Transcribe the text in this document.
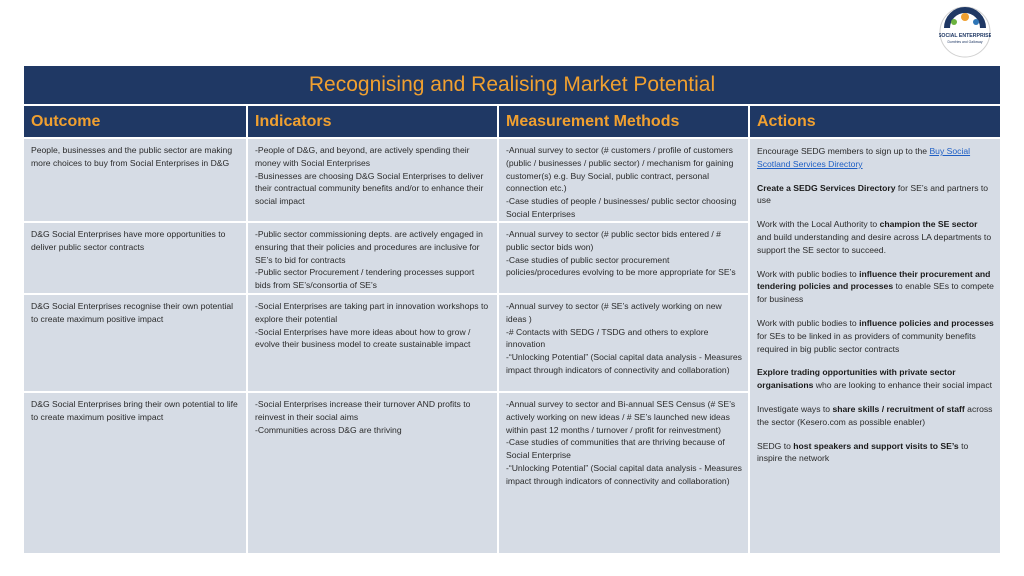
SOCIAL ENTERPRISE
Dumfries and Galloway
Recognising and Realising Market Potential
Outcome
People, businesses and the public sector are making more choices to buy from Social Enterprises in D&G
D&G Social Enterprises have more opportunities to deliver public sector contracts
D&G Social Enterprises recognise their own potential to create maximum positive impact
D&G Social Enterprises bring their own potential to life to create maximum positive impact
Indicators
-People of D&G, and beyond, are actively spending their money with Social Enterprises
-Businesses are choosing D&G Social Enterprises to deliver their contractual community benefits and/or to enhance their social impact
-Public sector commissioning depts. are actively engaged in ensuring that their policies and procedures are inclusive for SE’s to bid for contracts
-Public sector Procurement / tendering processes support bids from SE’s/consortia of SE’s
-Social Enterprises are taking part in innovation workshops to explore their potential
-Social Enterprises have more ideas about how to grow / evolve their business model to create sustainable impact
-Social Enterprises increase their turnover AND profits to reinvest in their social aims
-Communities across D&G are thriving
Measurement Methods
-Annual survey to sector (# customers / profile of customers (public / businesses / public sector) / mechanism for gaining customer(s) e.g. Buy Social, public contract, personal connection etc.)
-Case studies of people / businesses/ public sector choosing Social Enterprises
-Annual survey to sector (# public sector bids entered / # public sector bids won)
-Case studies of public sector procurement policies/procedures evolving to be more appropriate for SE’s
-Annual survey to sector (# SE’s actively working on new ideas )
-# Contacts with SEDG / TSDG and others to explore innovation
-“Unlocking Potential” (Social capital data analysis - Measures impact through indicators of connectivity and collaboration)
-Annual survey to sector and Bi-annual SES Census (# SE’s actively working on new ideas / # SE’s launched new ideas within past 12 months / turnover / profit for reinvestment)
-Case studies of communities that are thriving because of Social Enterprise
-“Unlocking Potential” (Social capital data analysis - Measures impact through indicators of connectivity and collaboration)
Actions

Encourage SEDG members to sign up to the Buy Social Scotland Services Directory

Create a SEDG Services Directory for SE’s and partners to use

Work with the Local Authority to champion the SE sector and build understanding and desire across LA departments to support the SE sector to succeed.

Work with public bodies to influence their procurement and tendering policies and processes to enable SEs to compete for business

Work with public bodies to influence policies and processes for SEs to be linked in as providers of community benefits required in big public sector contracts

Explore trading opportunities with private sector organisations who are looking to enhance their social impact

Investigate ways to share skills / recruitment of staff across the sector (Kesero.com as possible enabler)

SEDG to host speakers and support visits to SE’s to inspire the network
